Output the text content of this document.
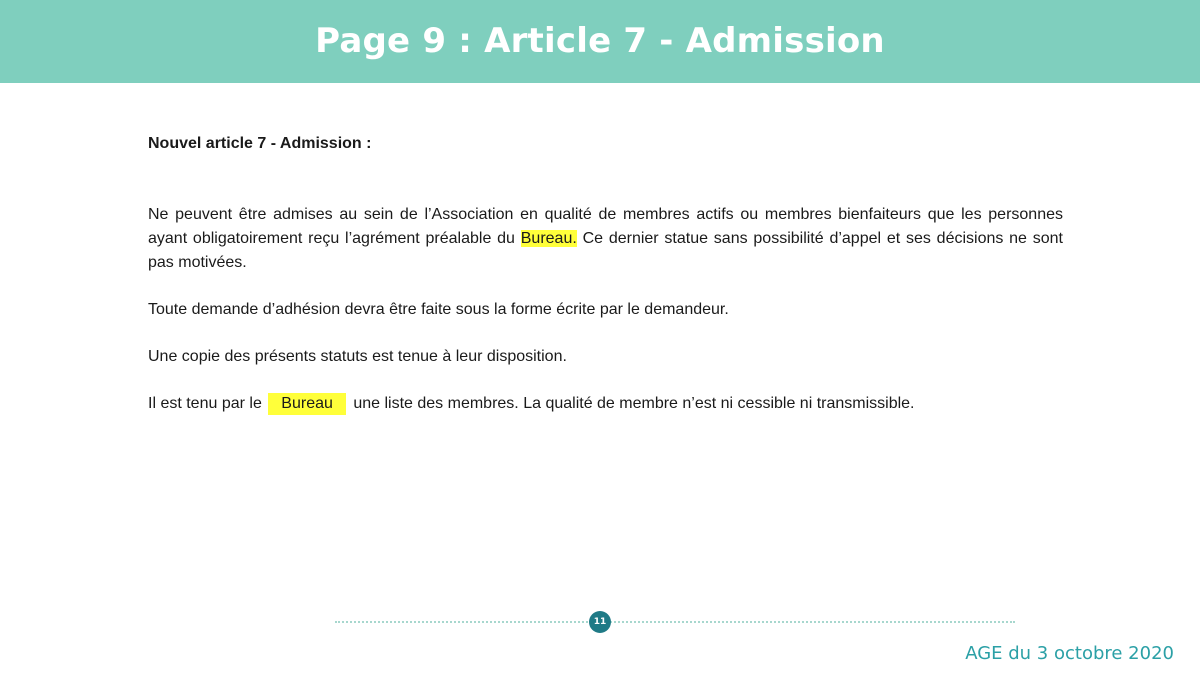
Page 9 : Article 7 - Admission
Nouvel article 7 - Admission :

Ne peuvent être admises au sein de l’Association en qualité de membres actifs ou membres bienfaiteurs que les personnes ayant obligatoirement reçu l’agrément préalable du Bureau. Ce dernier statue sans possibilité d’appel et ses décisions ne sont pas motivées.

Toute demande d’adhésion devra être faite sous la forme écrite par le demandeur.

Une copie des présents statuts est tenue à leur disposition.

Il est tenu par le Bureau une liste des membres. La qualité de membre n’est ni cessible ni transmissible.

11
AGE du 3 octobre 2020
